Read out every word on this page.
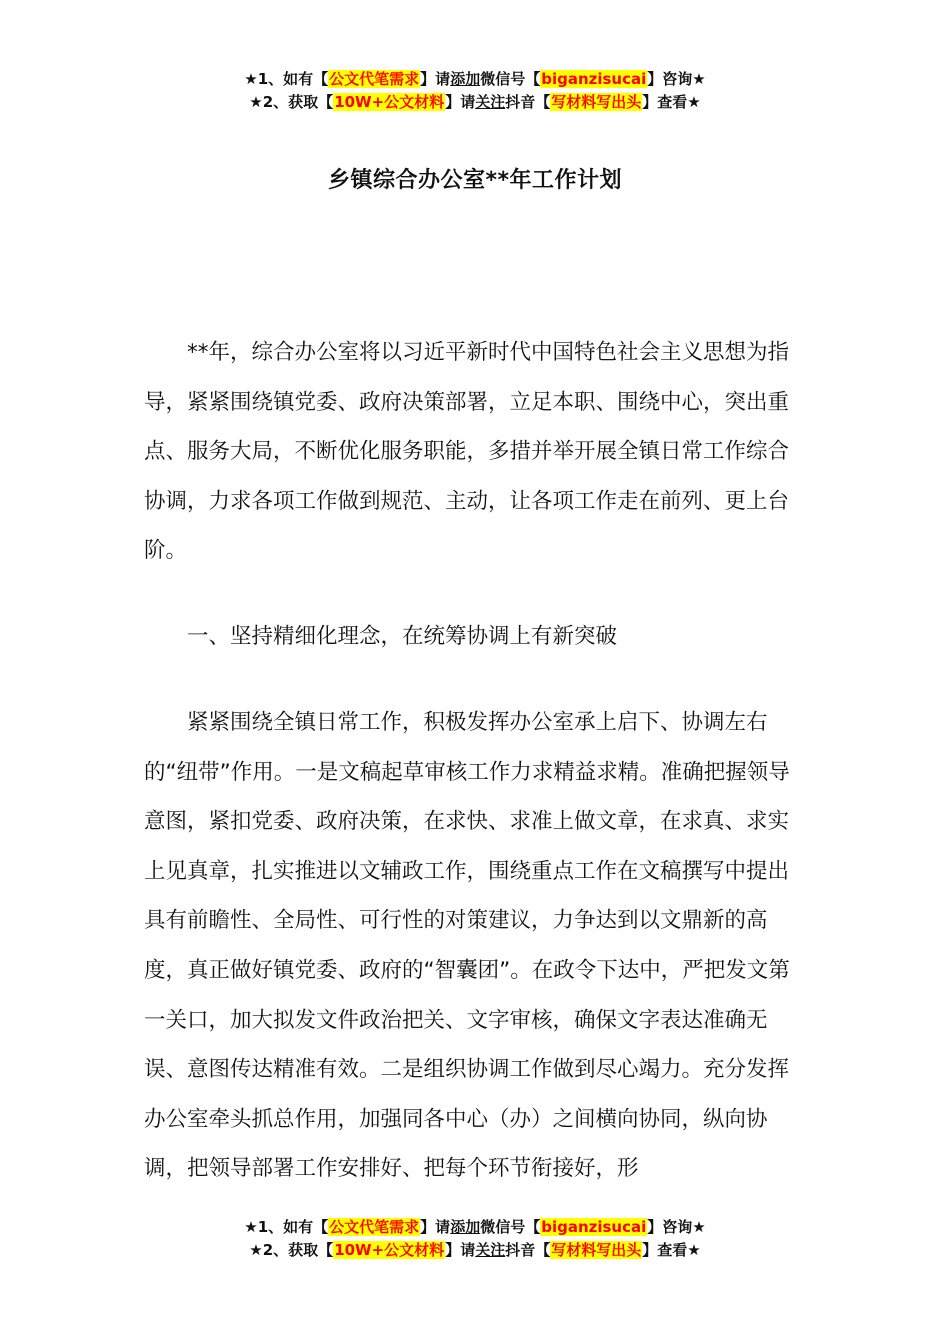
★1、如有【公文代笔需求】请添加微信号【biganzisucai】咨询★
★2、获取【10W+公文材料】请关注抖音【写材料写出头】查看★
乡镇综合办公室**年工作计划

**年，综合办公室将以习近平新时代中国特色社会主义思想为指导，紧紧围绕镇党委、政府决策部署，立足本职、围绕中心，突出重点、服务大局，不断优化服务职能，多措并举开展全镇日常工作综合协调，力求各项工作做到规范、主动，让各项工作走在前列、更上台阶。

一、坚持精细化理念，在统筹协调上有新突破

紧紧围绕全镇日常工作，积极发挥办公室承上启下、协调左右的“纽带”作用。一是文稿起草审核工作力求精益求精。准确把握领导意图，紧扣党委、政府决策，在求快、求准上做文章，在求真、求实上见真章，扎实推进以文辅政工作，围绕重点工作在文稿撰写中提出具有前瞻性、全局性、可行性的对策建议，力争达到以文鼎新的高度，真正做好镇党委、政府的“智囊团”。在政令下达中，严把发文第一关口，加大拟发文件政治把关、文字审核，确保文字表达准确无误、意图传达精准有效。二是组织协调工作做到尽心竭力。充分发挥办公室牵头抓总作用，加强同各中心（办）之间横向协同，纵向协调，把领导部署工作安排好、把每个环节衔接好，形

★1、如有【公文代笔需求】请添加微信号【biganzisucai】咨询★
★2、获取【10W+公文材料】请关注抖音【写材料写出头】查看★
